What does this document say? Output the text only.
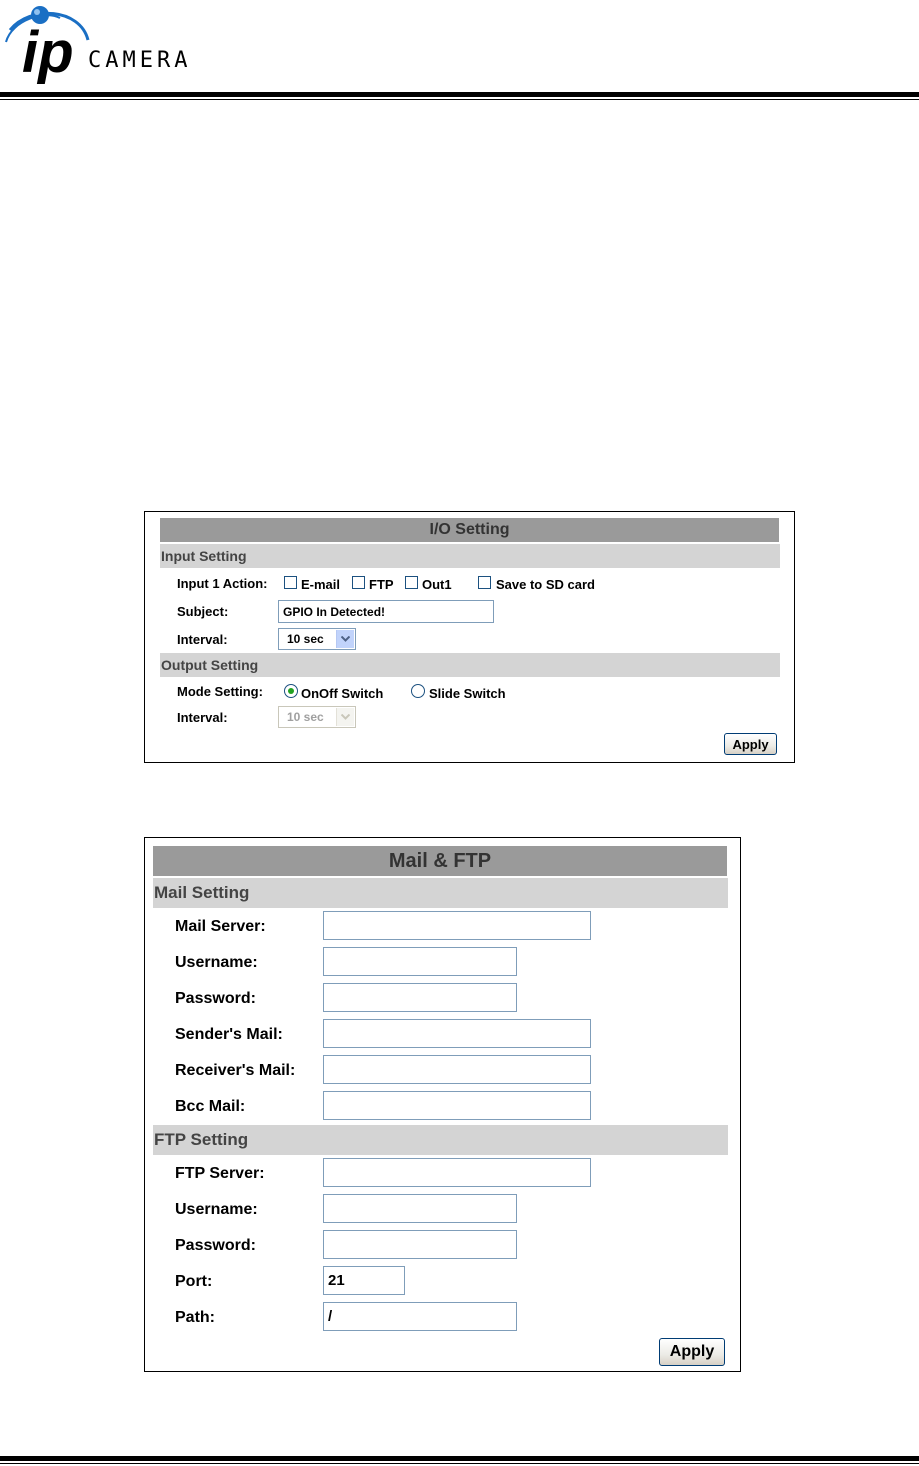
ip CAMERA
I/O Setting
Input Setting
Input 1 Action:	E-mail FTP Out1	Save to SD card
Subject:
GPIO In Detected!
Interval:	10 sec
Output Setting
Mode Setting:	OnOff Switch	Slide Switch
Interval:	10 sec
Apply
Mail & FTP
Mail Setting
Mail Server:
Username:
Password:
Sender's Mail:
Receiver's Mail:
Bcc Mail:
FTP Setting
FTP Server:
Username:
Password:
Port:
21
Path:
/
Apply
